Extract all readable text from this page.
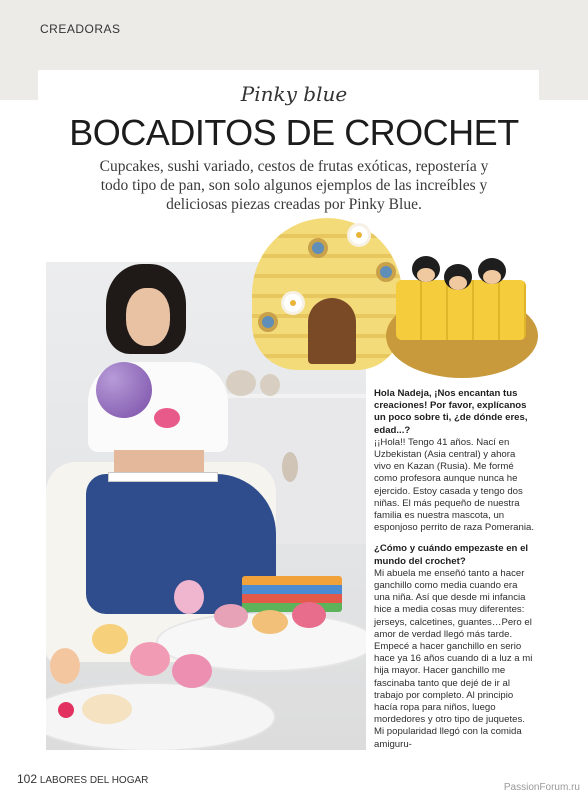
CREADORAS
Pinky blue
BOCADITOS DE CROCHET

Cupcakes, sushi variado, cestos de frutas exóticas, repostería y todo tipo de pan, son solo algunos ejemplos de las increíbles y deliciosas piezas creadas por Pinky Blue.

Hola Nadeja, ¡Nos encantan tus creaciones! Por favor, explícanos un poco sobre ti, ¿de dónde eres, edad...?

¡¡Hola!! Tengo 41 años. Nací en Uzbekistan (Asia central) y ahora vivo en Kazan (Rusia). Me formé como profesora aunque nunca he ejercido. Estoy casada y tengo dos niñas. El más pequeño de nuestra familia es nuestra mascota, un esponjoso perrito de raza Pomerania.

¿Cómo y cuándo empezaste en el mundo del crochet?

Mi abuela me enseñó tanto a hacer ganchillo como media cuando era una niña. Así que desde mi infancia hice a media cosas muy diferentes: jerseys, calcetines, guantes…Pero el amor de verdad llegó más tarde. Empecé a hacer ganchillo en serio hace ya 16 años cuando di a luz a mi hija mayor. Hacer ganchillo me fascinaba tanto que dejé de ir al trabajo por completo. Al principio hacía ropa para niños, luego mordedores y otro tipo de juquetes. Mi popularidad llegó con la comida amiguru-

102 LABORES DEL HOGAR
PassionForum.ru
